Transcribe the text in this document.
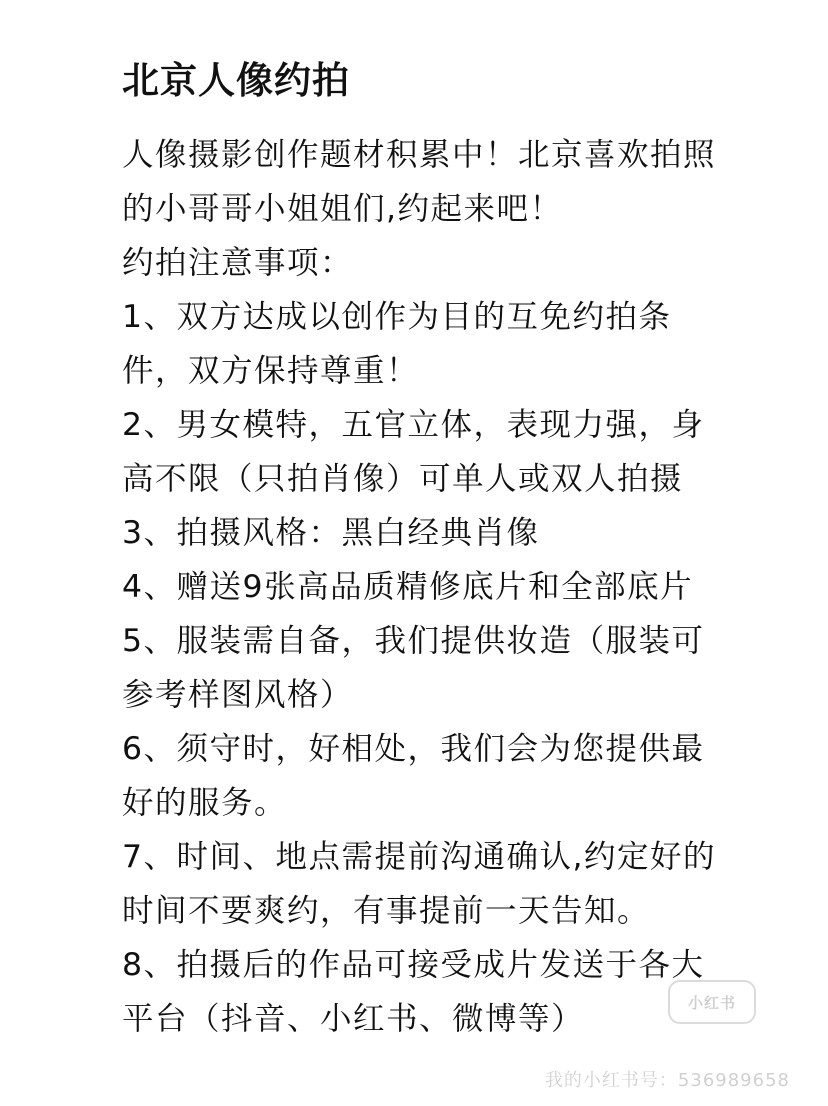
北京人像约拍

人像摄影创作题材积累中！北京喜欢拍照的小哥哥小姐姐们,约起来吧！

约拍注意事项：

1、双方达成以创作为目的互免约拍条件，双方保持尊重！

2、男女模特，五官立体，表现力强，身高不限（只拍肖像）可单人或双人拍摄

3、拍摄风格：黑白经典肖像

4、赠送9张高品质精修底片和全部底片

5、服装需自备，我们提供妆造（服装可参考样图风格）

6、须守时，好相处，我们会为您提供最好的服务。

7、时间、地点需提前沟通确认,约定好的时间不要爽约，有事提前一天告知。

8、拍摄后的作品可接受成片发送于各大平台（抖音、小红书、微博等）	小红书
我的小红书号：536989658
